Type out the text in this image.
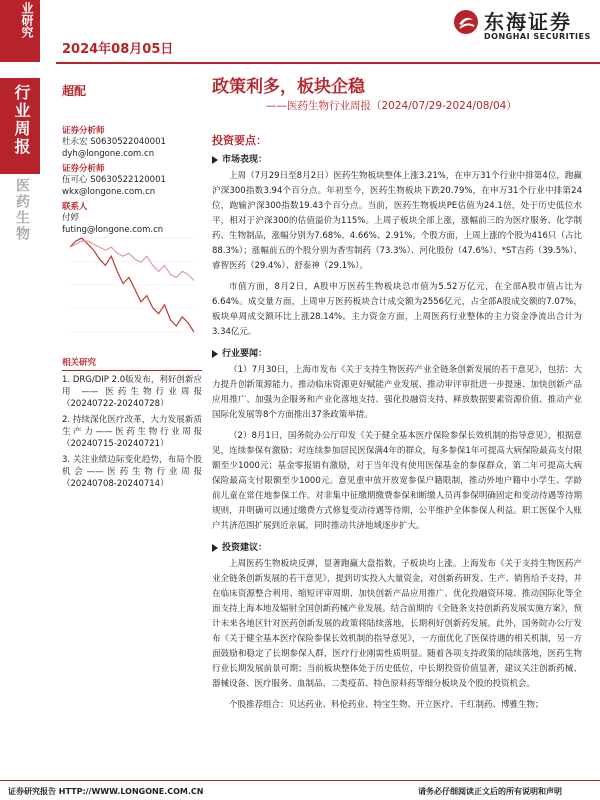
业研究
行业周报
医药生物
2024年08月05日
东海证券
DONGHAI SECURITIES
超配	政策利多，板块企稳
——医药生物行业周报（2024/07/29-2024/08/04）
证券分析师
杜永宏 S0630522040001
dyh@longone.com.cn
证券分析师
伍可心 S0630522120001
wkx@longone.com.cn
联系人
付婷
futing@longone.com.cn
相关研究
1. DRG/DIP 2.0版发布，利好创新应用 —— 医药生物行业周报（20240722-20240728）
2. 持续深化医疗改革，大力发展新质生产力——医药生物行业周报（20240715-20240721）
3. 关注业绩边际变化趋势，布局个股机会——医药生物行业周报（20240708-20240714）
投资要点：
市场表现：

上周（7月29日至8月2日）医药生物板块整体上涨3.21%，在申万31个行业中排第4位，跑赢沪深300指数3.94个百分点。年初至今，医药生物板块下跌20.79%，在申万31个行业中排第24位，跑输沪深300指数19.43个百分点。当前，医药生物板块PE估值为24.1倍，处于历史低位水平，相对于沪深300的估值溢价为115%。上周子板块全部上涨，涨幅前三的为医疗服务、化学制药、生物制品，涨幅分别为7.68%、4.66%、2.91%。个股方面，上周上涨的个股为416只（占比88.3%）；涨幅前五的个股分别为香雪制药（73.3%）、河化股份（47.6%）、*ST吉药（39.5%）、睿智医药（29.4%）、舒泰神（29.1%）。

市值方面，8月2日，A股申万医药生物板块总市值为5.52万亿元，在全部A股市值占比为6.64%。成交量方面，上周申万医药板块合计成交额为2556亿元，占全部A股成交额的7.07%，板块单周成交额环比上涨28.14%。主力资金方面，上周医药行业整体的主力资金净流出合计为3.34亿元。

行业要闻：

（1）7月30日，上海市发布《关于支持生物医药产业全链条创新发展的若干意见》，包括：大力提升创新策源能力、推动临床资源更好赋能产业发展、推动审评审批进一步提速、加快创新产品应用推广、加强为企服务和产业化落地支持、强化投融资支持、释放数据要素资源价值、推动产业国际化发展等8个方面推出37条政策举措。

（2）8月1日，国务院办公厅印发《关于健全基本医疗保险参保长效机制的指导意见》，根据意见，连续参保有激励；对连续参加居民医保满4年的群众，每多参保1年可提高大病保险最高支付限额至少1000元；基金零报销有激励，对于当年没有使用医保基金的参保群众，第二年可提高大病保险最高支付限额至少1000元。意见重申放开放宽参保户籍限制，推动外地户籍中小学生、学龄前儿童在常住地参保工作。对非集中征缴期缴费参保和断缴人员再参保明确固定和变动待遇等待期规则，并明确可以通过缴费方式修复变动待遇等待期，公平维护全体参保人利益。职工医保个人账户共济范围扩展到近亲属，同时推动共济地域逐步扩大。

投资建议：

上周医药生物板块反弹，显著跑赢大盘指数，子板块均上涨。上海发布《关于支持生物医药产业全链条创新发展的若干意见》，提到切实投入大量资金，对创新药研发、生产、销售给予支持，并在临床资源整合利用、缩短评审周期、加快创新产品应用推广、优化投融资环境、推动国际化等全面支持上海本地及辐射全国创新药械产业发展。结合前期的《全链条支持创新药发展实施方案》，预计未来各地区针对医药创新发展的政策将陆续落地，长期利好创新药发展。此外，国务院办公厅发布《关于健全基本医疗保险参保长效机制的指导意见》，一方面优化了医保待遇的相关机制，另一方面鼓励和稳定了长期参保人群，医疗行业刚需性质明显。随着各项支持政策的陆续落地，医药生物行业长期发展前景可期；当前板块整体处于历史低位，中长期投资价值显著，建议关注创新药械、器械设备、医疗服务、血制品、二类疫苗、特色原料药等细分板块及个股的投资机会。

个股推荐组合：贝达药业、科伦药业、特宝生物、开立医疗、千红制药、博雅生物；

证券研究报告 HTTP://WWW.LONGONE.COM.CN	请务必仔细阅读正文后的所有说明和声明
